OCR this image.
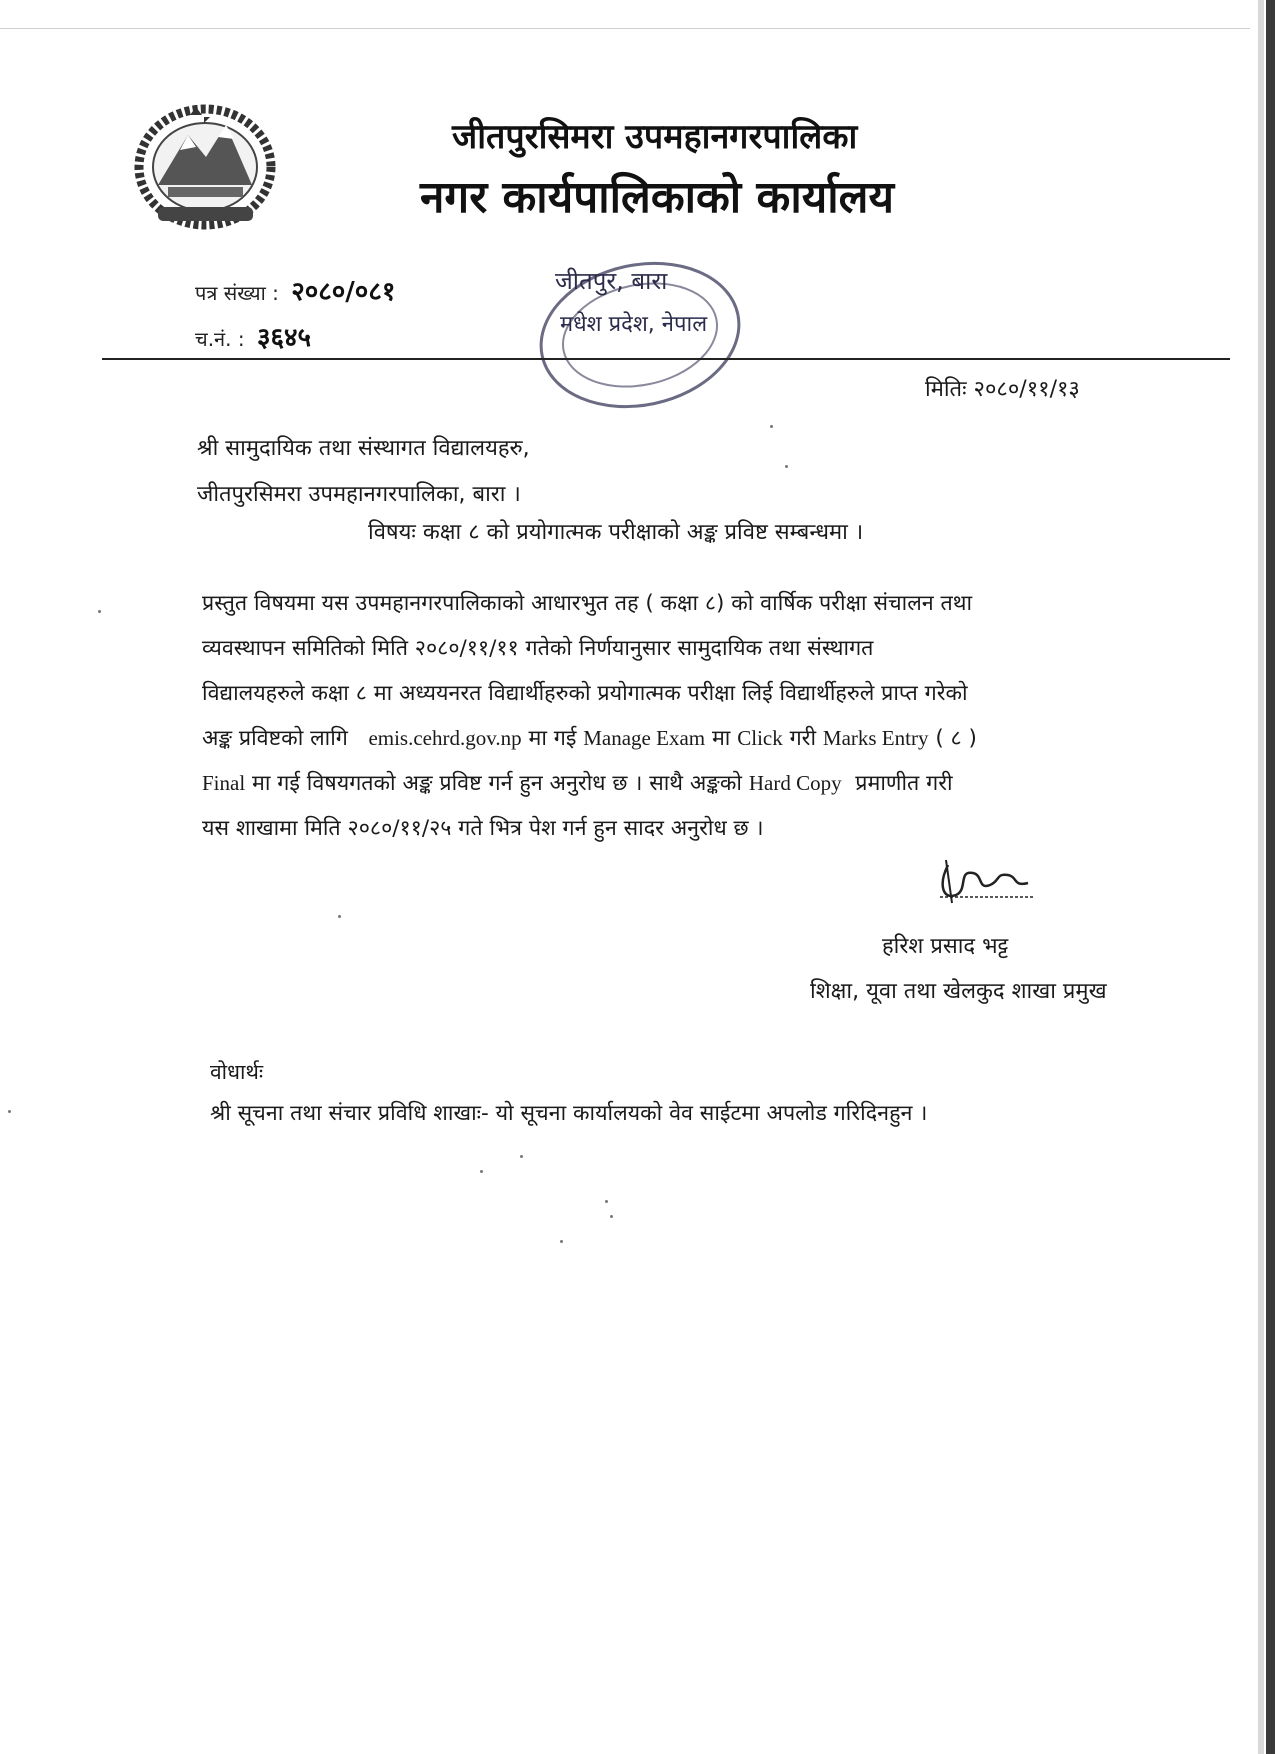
जीतपुरसिमरा उपमहानगरपालिका
नगर कार्यपालिकाको कार्यालय
पत्र संख्या : २०८०/०८१
च.नं. : ३६४५
जीतपुर, बारा
मधेश प्रदेश, नेपाल
मितिः २०८०/११/१३
श्री सामुदायिक तथा संस्थागत विद्यालयहरु,
जीतपुरसिमरा उपमहानगरपालिका, बारा ।
विषयः कक्षा ८ को प्रयोगात्मक परीक्षाको अङ्क प्रविष्ट सम्बन्धमा ।
प्रस्तुत विषयमा यस उपमहानगरपालिकाको आधारभुत तह ( कक्षा ८) को वार्षिक परीक्षा संचालन तथा
व्यवस्थापन समितिको मिति २०८०/११/११ गतेको निर्णयानुसार सामुदायिक तथा संस्थागत
विद्यालयहरुले कक्षा ८ मा अध्ययनरत विद्यार्थीहरुको प्रयोगात्मक परीक्षा लिई विद्यार्थीहरुले प्राप्त गरेको
अङ्क प्रविष्टको लागि emis.cehrd.gov.np मा गई Manage Exam मा Click गरी Marks Entry ( ८ )
Final मा गई विषयगतको अङ्क प्रविष्ट गर्न हुन अनुरोध छ । साथै अङ्कको Hard Copy प्रमाणीत गरी
यस शाखामा मिति २०८०/११/२५ गते भित्र पेश गर्न हुन सादर अनुरोध छ ।
हरिश प्रसाद भट्ट
शिक्षा, यूवा तथा खेलकुद शाखा प्रमुख
वोधार्थः
श्री सूचना तथा संचार प्रविधि शाखाः- यो सूचना कार्यालयको वेव साईटमा अपलोड गरिदिनहुन ।
